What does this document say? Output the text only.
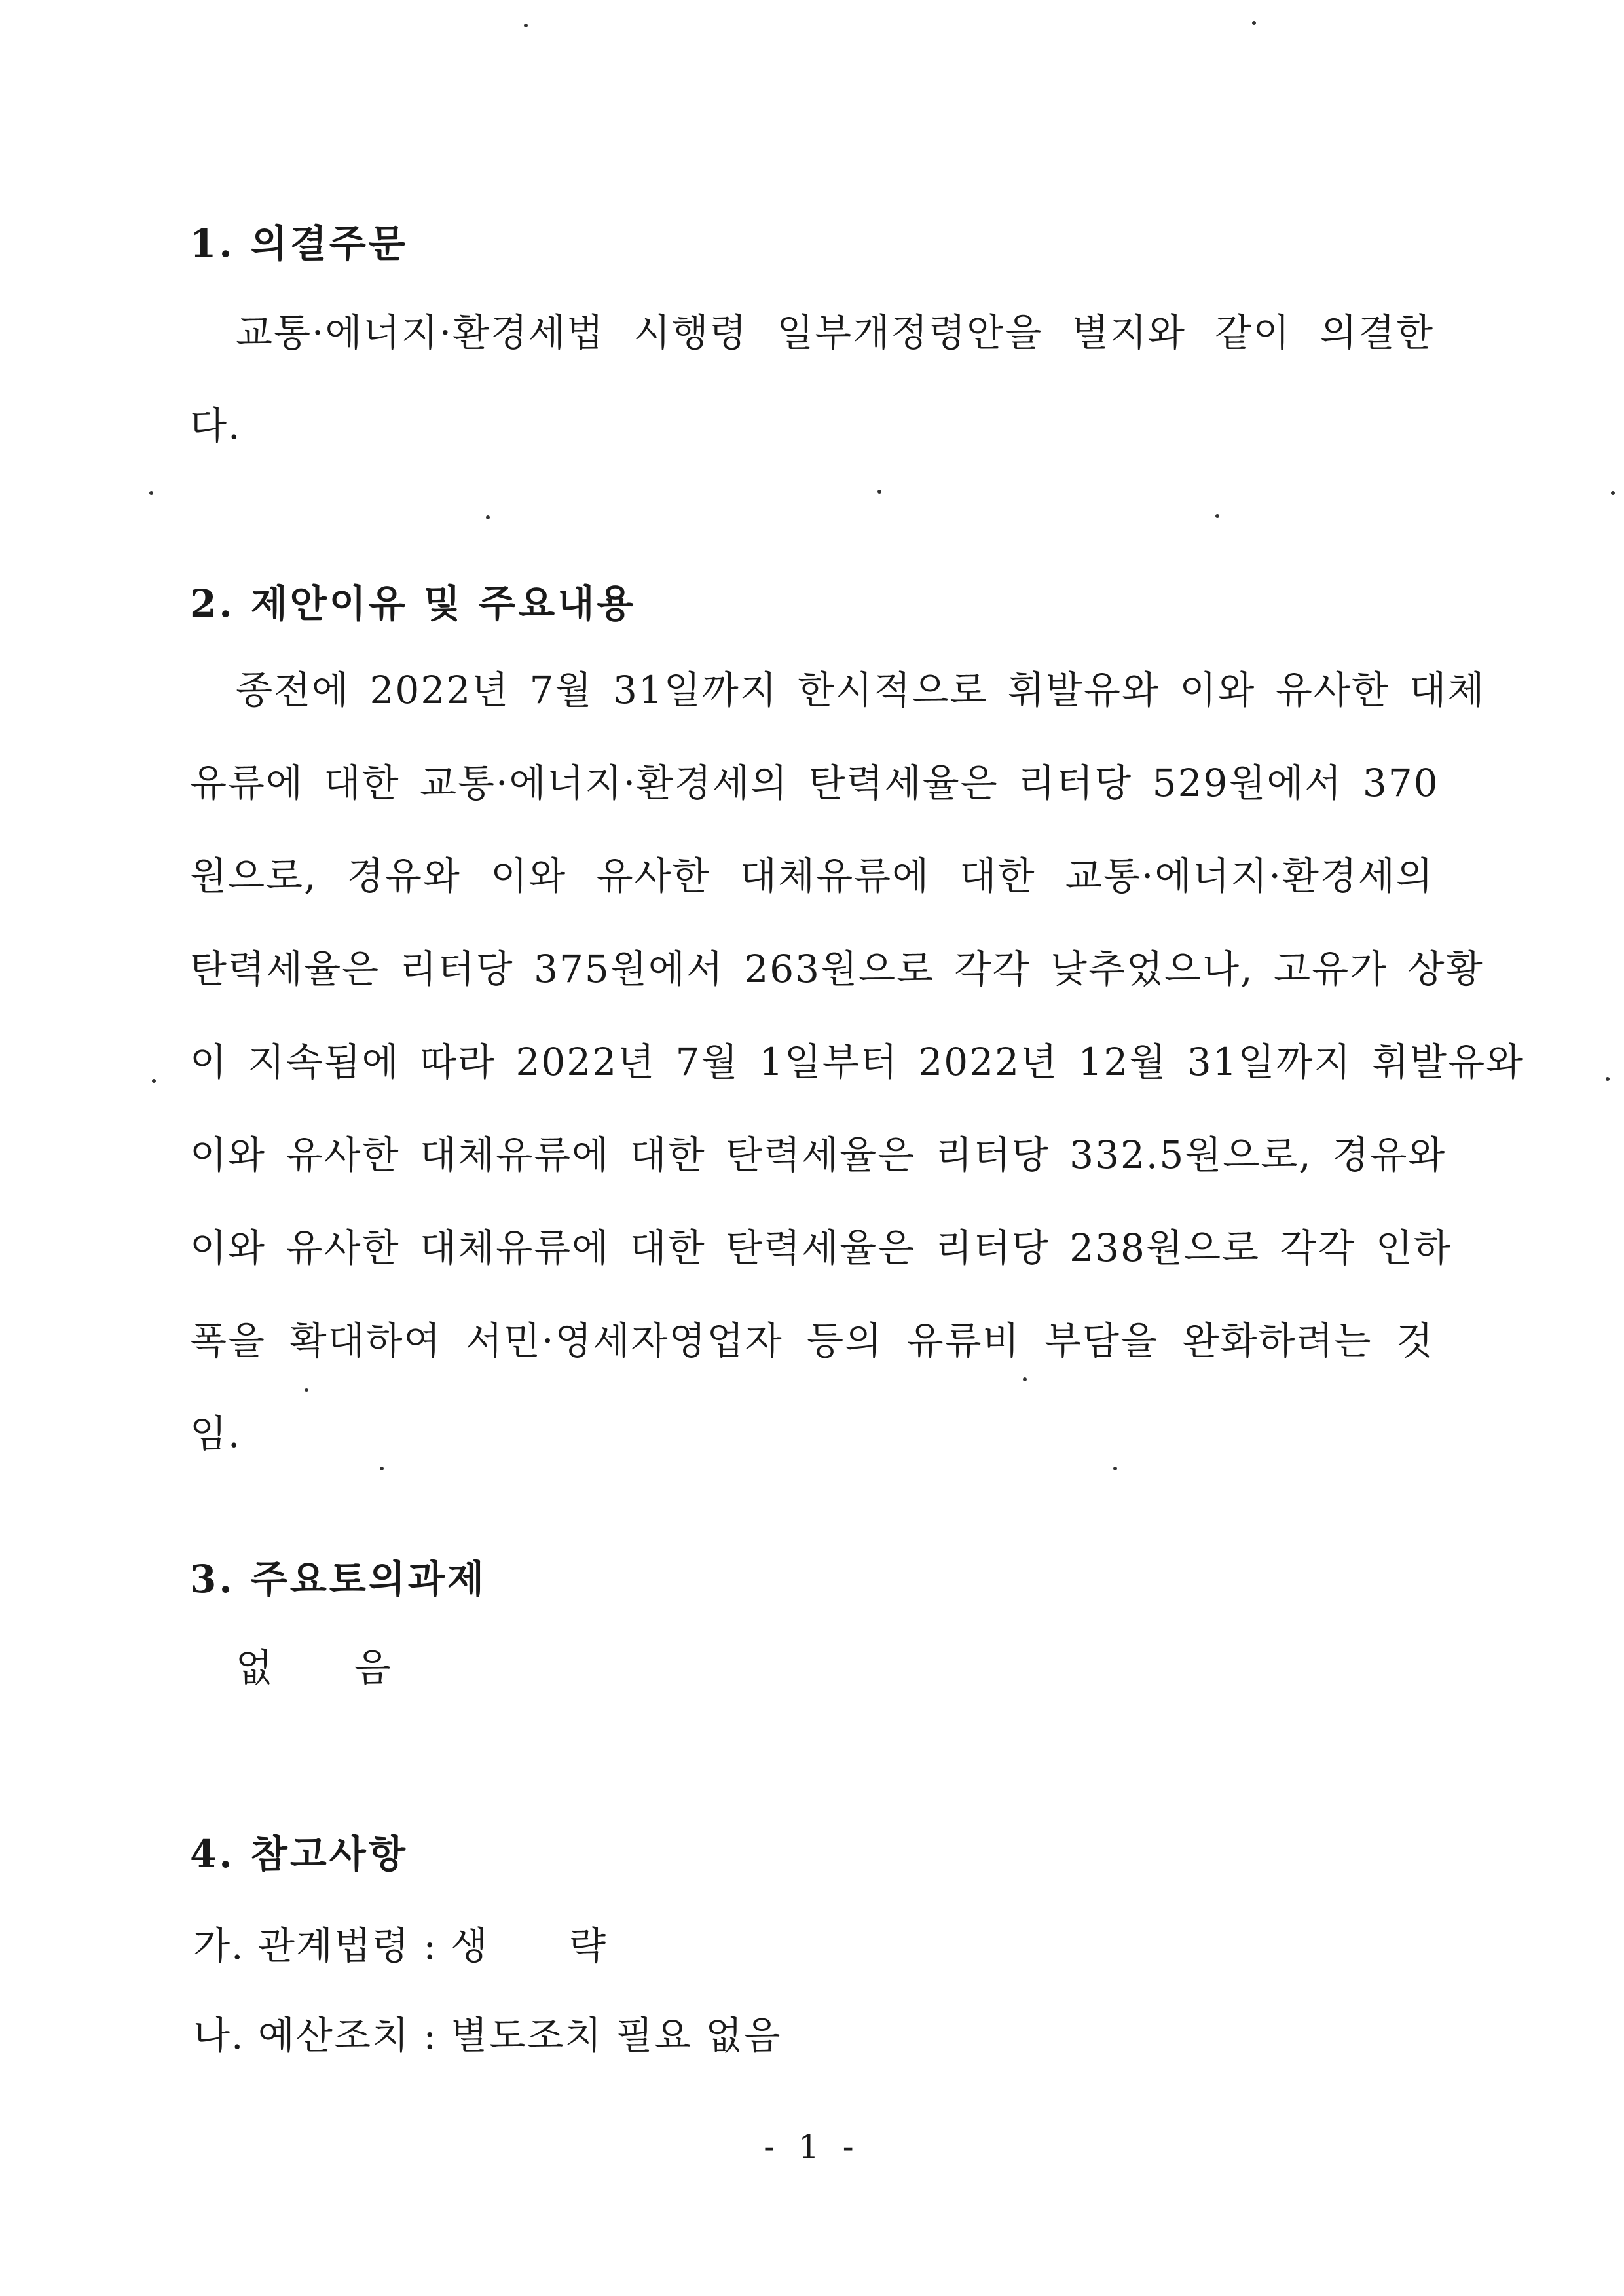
1. 의결주문
교통·에너지·환경세법 시행령 일부개정령안을 별지와 같이 의결한
다.
2. 제안이유 및 주요내용
종전에 2022년 7월 31일까지 한시적으로 휘발유와 이와 유사한 대체
유류에 대한 교통·에너지·환경세의 탄력세율은 리터당 529원에서 370
원으로, 경유와 이와 유사한 대체유류에 대한 교통·에너지·환경세의
탄력세율은 리터당 375원에서 263원으로 각각 낮추었으나, 고유가 상황
이 지속됨에 따라 2022년 7월 1일부터 2022년 12월 31일까지 휘발유와
이와 유사한 대체유류에 대한 탄력세율은 리터당 332.5원으로, 경유와
이와 유사한 대체유류에 대한 탄력세율은 리터당 238원으로 각각 인하
폭을 확대하여 서민·영세자영업자 등의 유류비 부담을 완화하려는 것
임.
3. 주요토의과제
없      음
4. 참고사항
가. 관계법령 : 생      략
나. 예산조치 : 별도조치 필요 없음
- 1 -
